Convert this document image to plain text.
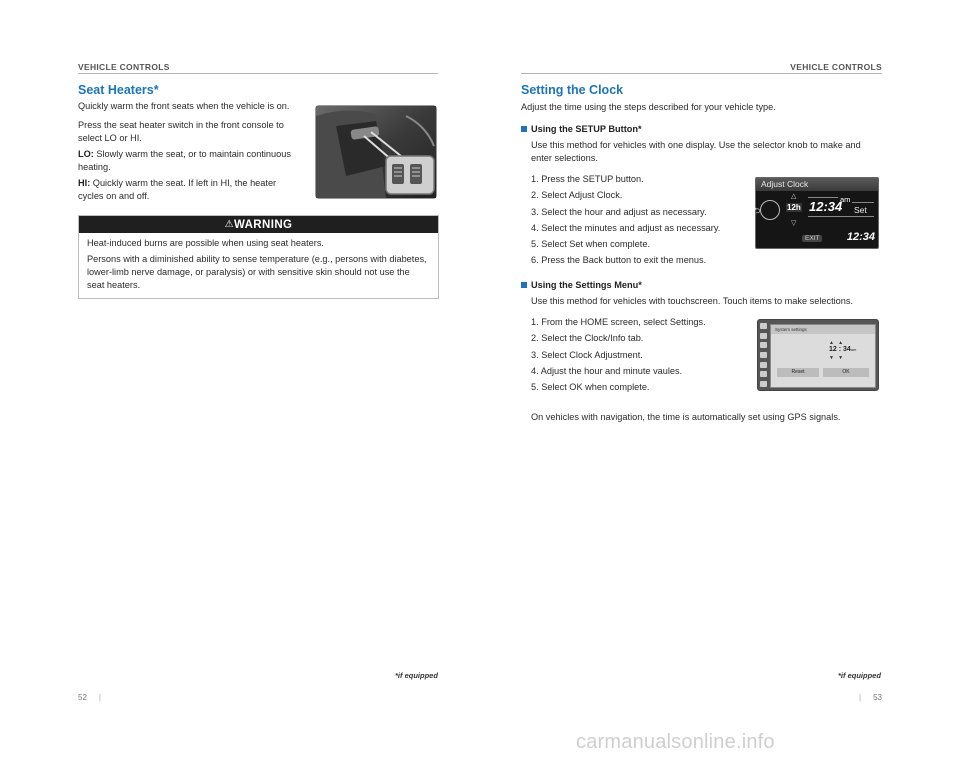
VEHICLE CONTROLS	VEHICLE CONTROLS
Seat Heaters*
Quickly warm the front seats when the vehicle is on.
Press the seat heater switch in the front console to select LO or HI.
LO: Slowly warm the seat, or to maintain continuous heating.
HI: Quickly warm the seat. If left in HI, the heater cycles on and off.
⚠WARNING
Heat-induced burns are possible when using seat heaters.
Persons with a diminished ability to sense temperature (e.g., persons with diabetes, lower-limb nerve damage, or paralysis) or with sensitive skin should not use the seat heaters.
*if equipped
52 |
Setting the Clock
Adjust the time using the steps described for your vehicle type.
Using the SETUP Button*
Use this method for vehicles with one display. Use the selector knob to make and enter selections.
1. Press the SETUP button.
2. Select Adjust Clock.
3. Select the hour and adjust as necessary.
4. Select the minutes and adjust as necessary.
5. Select Set when complete.
6. Press the Back button to exit the menus.
Adjust Clock
⮌
△
▽
12h 12:34
am
Set
EXIT 12:34
Using the Settings Menu*
Use this method for vehicles with touchscreen. Touch items to make selections.
1. From the HOME screen, select Settings.
2. Select the Clock/Info tab.
3. Select Clock Adjustment.
4. Adjust the hour and minute vaules.
5. Select OK when complete.
System settings
▲   ▲
12 : 34am
▼   ▼
Reset	OK
On vehicles with navigation, the time is automatically set using GPS signals.
*if equipped
| 53
carmanualsonline.info
